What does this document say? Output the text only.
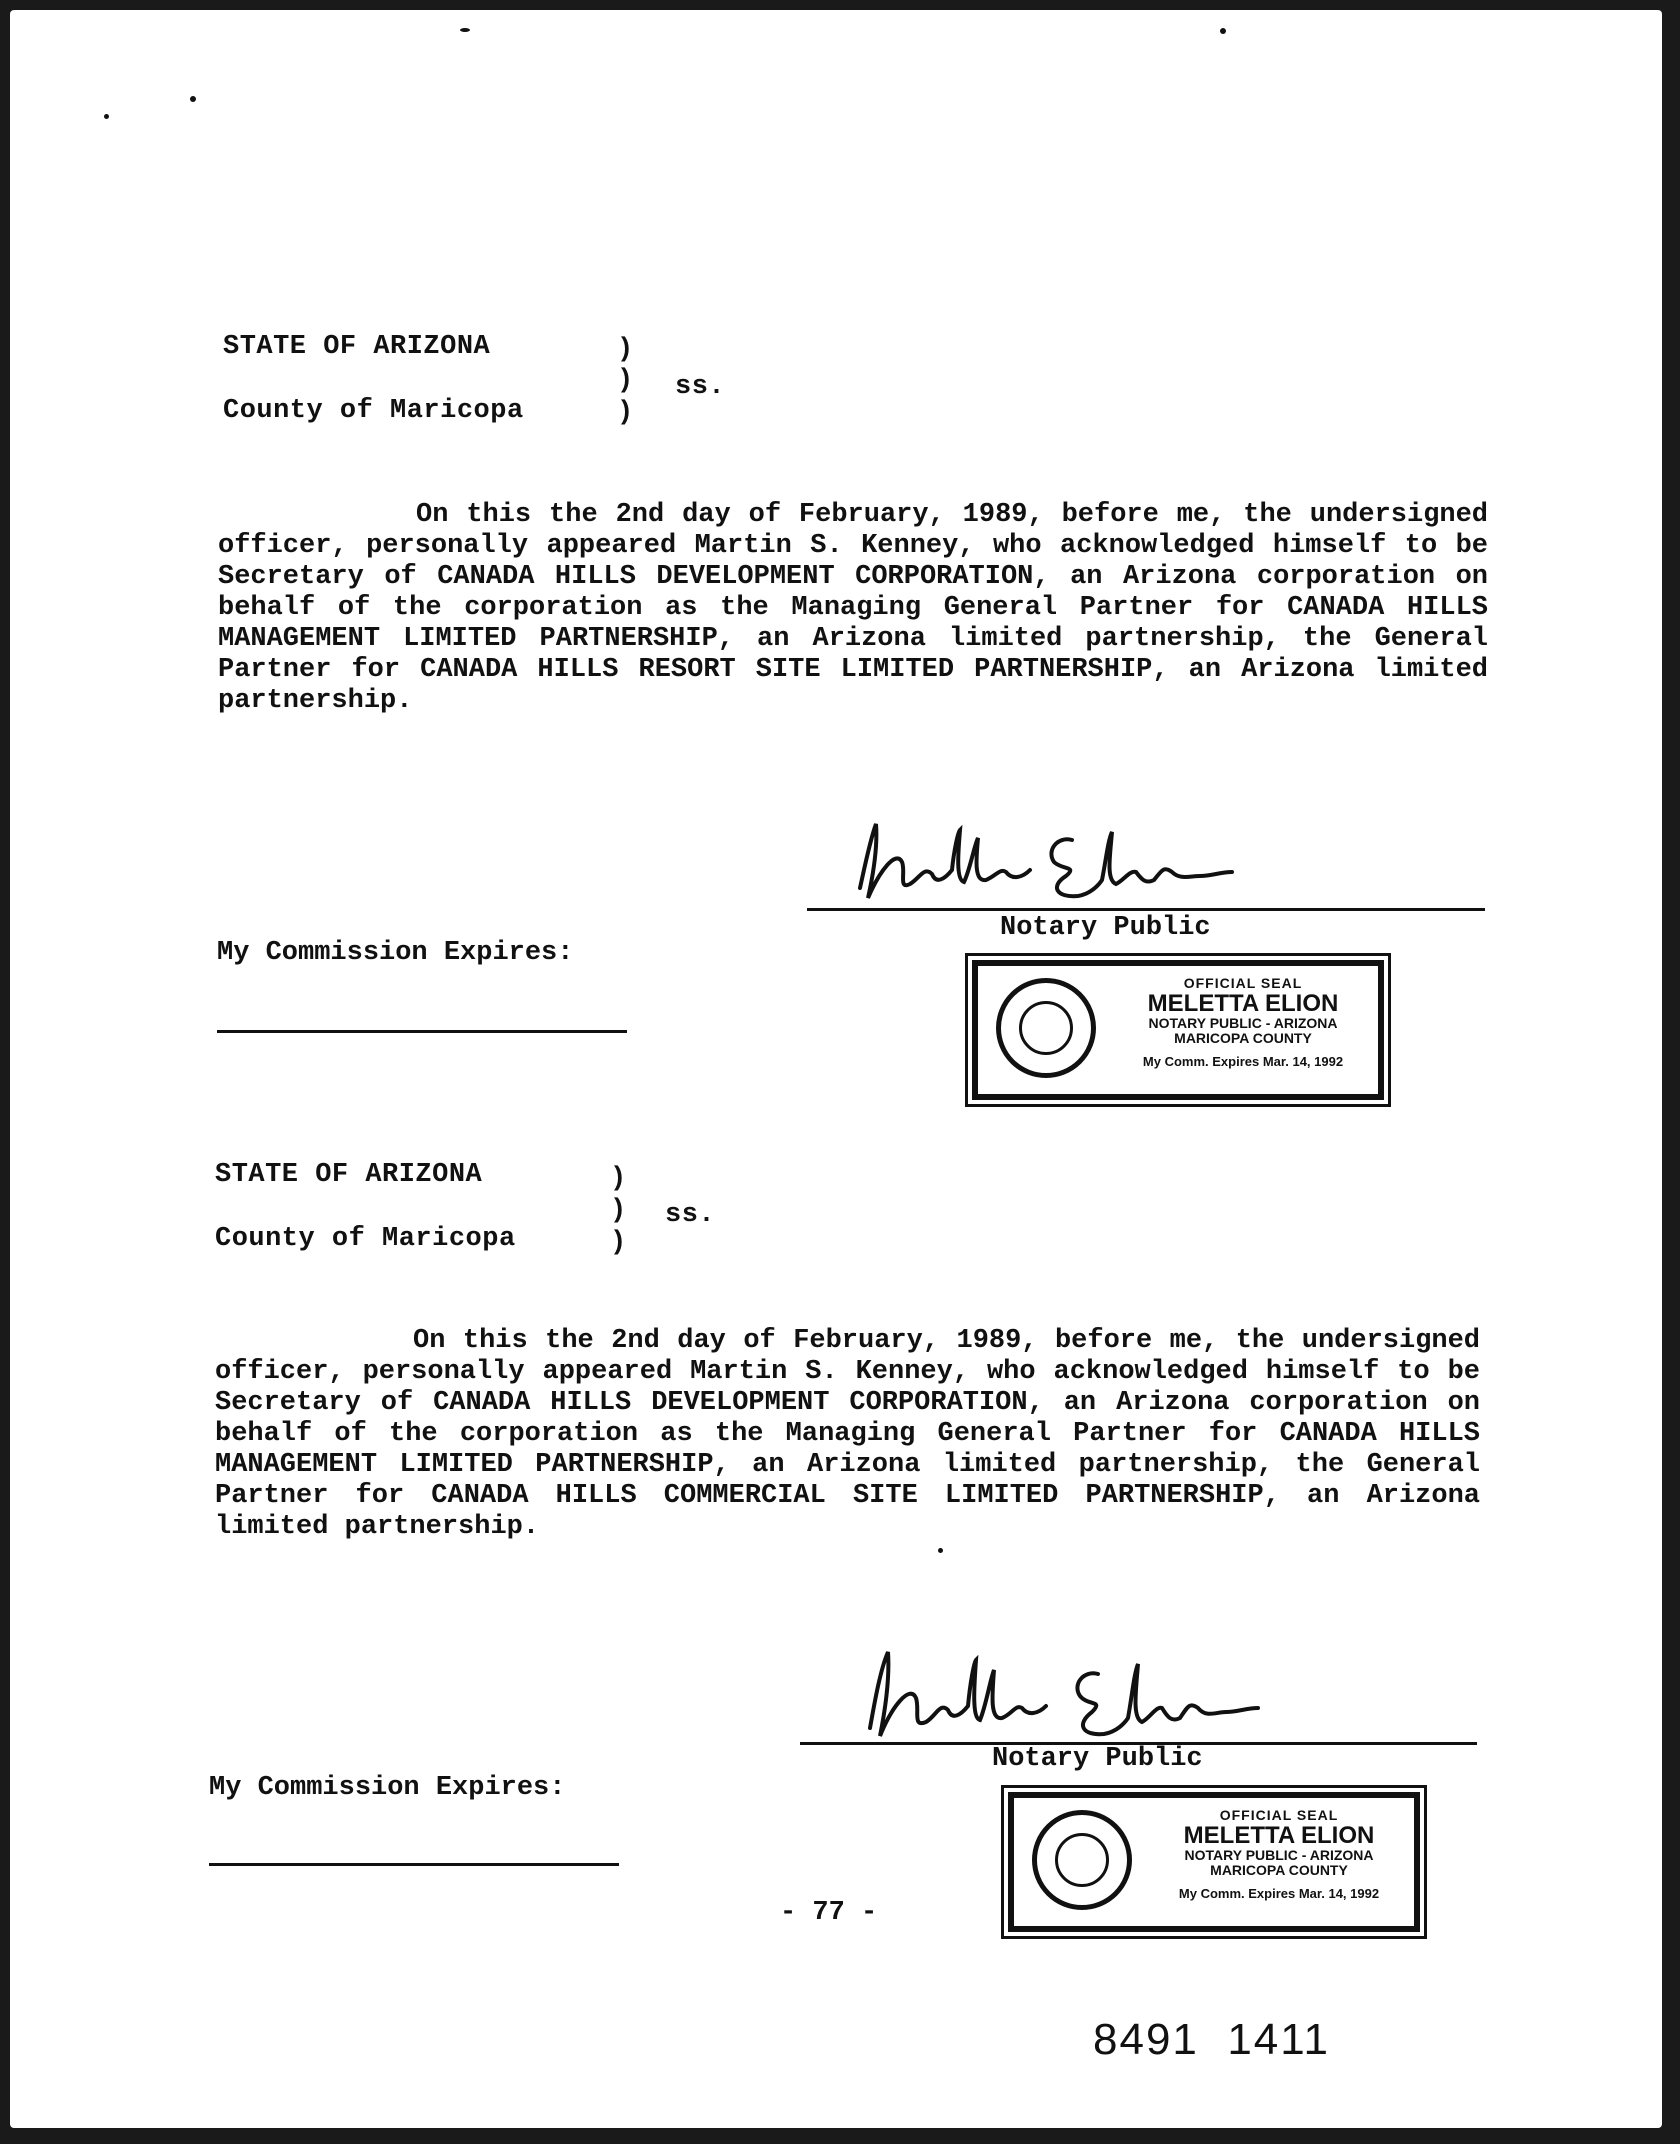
STATE OF ARIZONA
County of Maricopa
)
)
)
ss.
On this the 2nd day of February, 1989, before me, the undersigned officer, personally appeared Martin S. Kenney, who acknowledged himself to be Secretary of CANADA HILLS DEVELOPMENT CORPORATION, an Arizona corporation on behalf of the corporation as the Managing General Partner for CANADA HILLS MANAGEMENT LIMITED PARTNERSHIP, an Arizona limited partnership, the General Partner for CANADA HILLS RESORT SITE LIMITED PARTNERSHIP, an Arizona limited partnership.
Notary Public
My Commission Expires:
OFFICIAL SEAL
MELETTA ELION
NOTARY PUBLIC - ARIZONA
MARICOPA COUNTY
My Comm. Expires Mar. 14, 1992
STATE OF ARIZONA
County of Maricopa
)
)
)
ss.
On this the 2nd day of February, 1989, before me, the undersigned officer, personally appeared Martin S. Kenney, who acknowledged himself to be Secretary of CANADA HILLS DEVELOPMENT CORPORATION, an Arizona corporation on behalf of the corporation as the Managing General Partner for CANADA HILLS MANAGEMENT LIMITED PARTNERSHIP, an Arizona limited partnership, the General Partner for CANADA HILLS COMMERCIAL SITE LIMITED PARTNERSHIP, an Arizona limited partnership.
Notary Public
My Commission Expires:
OFFICIAL SEAL
MELETTA ELION
NOTARY PUBLIC - ARIZONA
MARICOPA COUNTY
My Comm. Expires Mar. 14, 1992
- 77 -
8491  1411
